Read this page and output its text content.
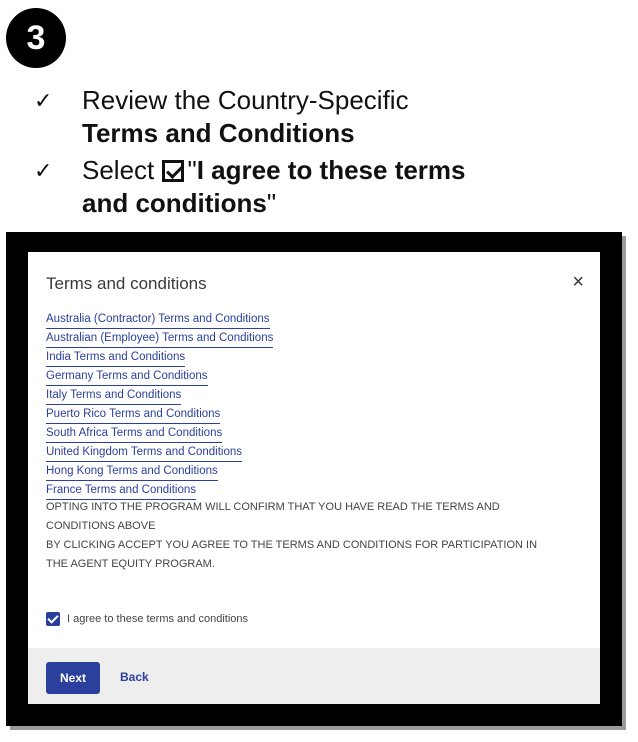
3
✓ Review the Country-Specific
Terms and Conditions
✓ Select "I agree to these terms
and conditions"
Terms and conditions	×
Australia (Contractor) Terms and Conditions
Australian (Employee) Terms and Conditions
India Terms and Conditions
Germany Terms and Conditions
Italy Terms and Conditions
Puerto Rico Terms and Conditions
South Africa Terms and Conditions
United Kingdom Terms and Conditions
Hong Kong Terms and Conditions
France Terms and Conditions
OPTING INTO THE PROGRAM WILL CONFIRM THAT YOU HAVE READ THE TERMS AND
CONDITIONS ABOVE
BY CLICKING ACCEPT YOU AGREE TO THE TERMS AND CONDITIONS FOR PARTICIPATION IN
THE AGENT EQUITY PROGRAM.
I agree to these terms and conditions
Next	Back
